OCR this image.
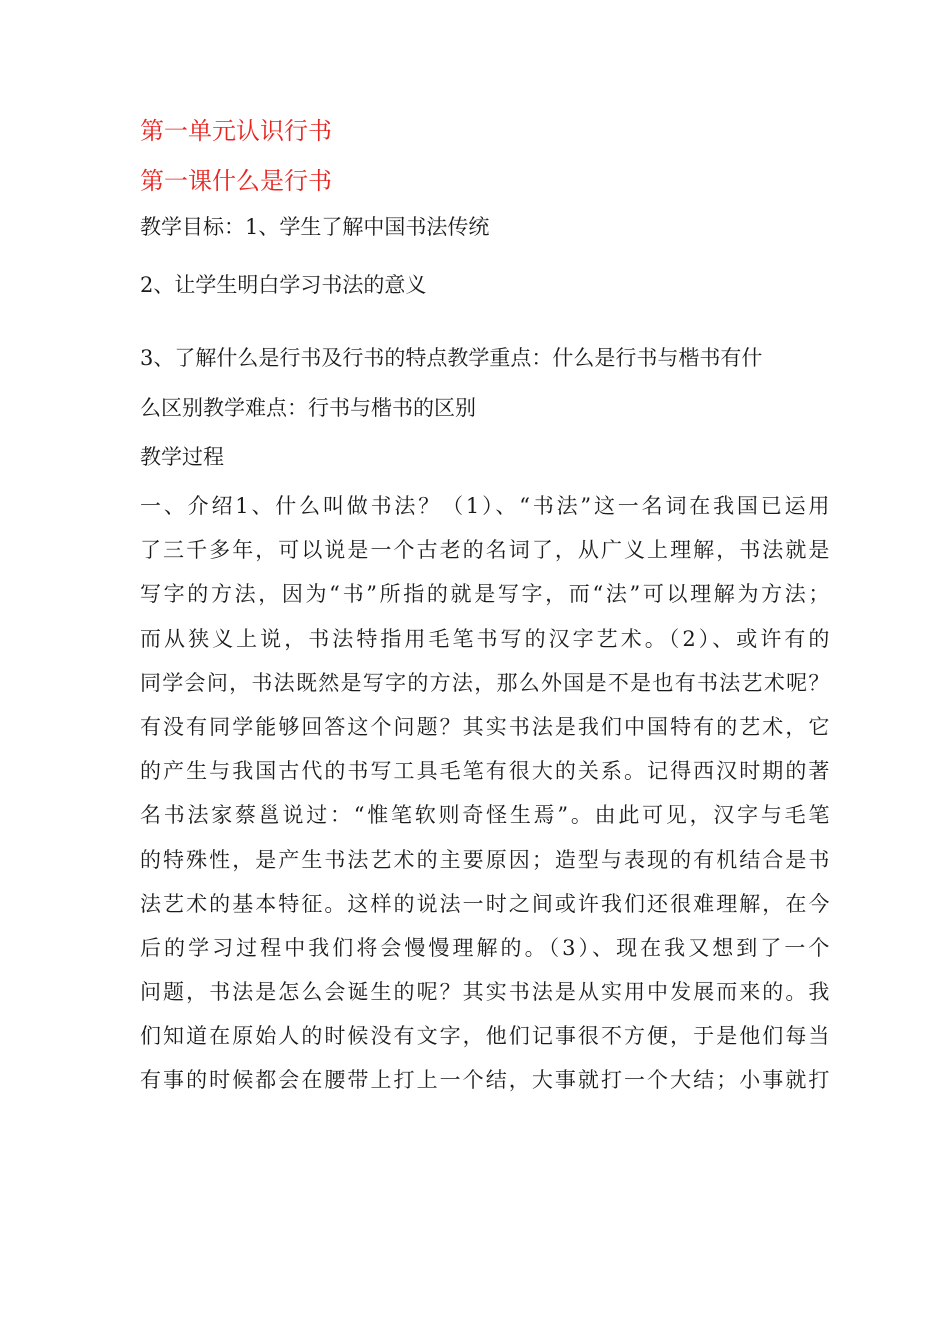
第一单元认识行书
第一课什么是行书
教学目标：1、学生了解中国书法传统
2、让学生明白学习书法的意义
3、了解什么是行书及行书的特点教学重点：什么是行书与楷书有什
么区别教学难点：行书与楷书的区别
教学过程
一、介绍1、什么叫做书法？（1）、“书法”这一名词在我国已运用
了三千多年，可以说是一个古老的名词了，从广义上理解，书法就是
写字的方法，因为“书”所指的就是写字，而“法”可以理解为方法；
而从狭义上说，书法特指用毛笔书写的汉字艺术。（2）、或许有的
同学会问，书法既然是写字的方法，那么外国是不是也有书法艺术呢？
有没有同学能够回答这个问题？其实书法是我们中国特有的艺术，它
的产生与我国古代的书写工具毛笔有很大的关系。记得西汉时期的著
名书法家蔡邕说过：“惟笔软则奇怪生焉”。由此可见，汉字与毛笔
的特殊性，是产生书法艺术的主要原因；造型与表现的有机结合是书
法艺术的基本特征。这样的说法一时之间或许我们还很难理解，在今
后的学习过程中我们将会慢慢理解的。（3）、现在我又想到了一个
问题，书法是怎么会诞生的呢？其实书法是从实用中发展而来的。我
们知道在原始人的时候没有文字，他们记事很不方便，于是他们每当
有事的时候都会在腰带上打上一个结，大事就打一个大结；小事就打
